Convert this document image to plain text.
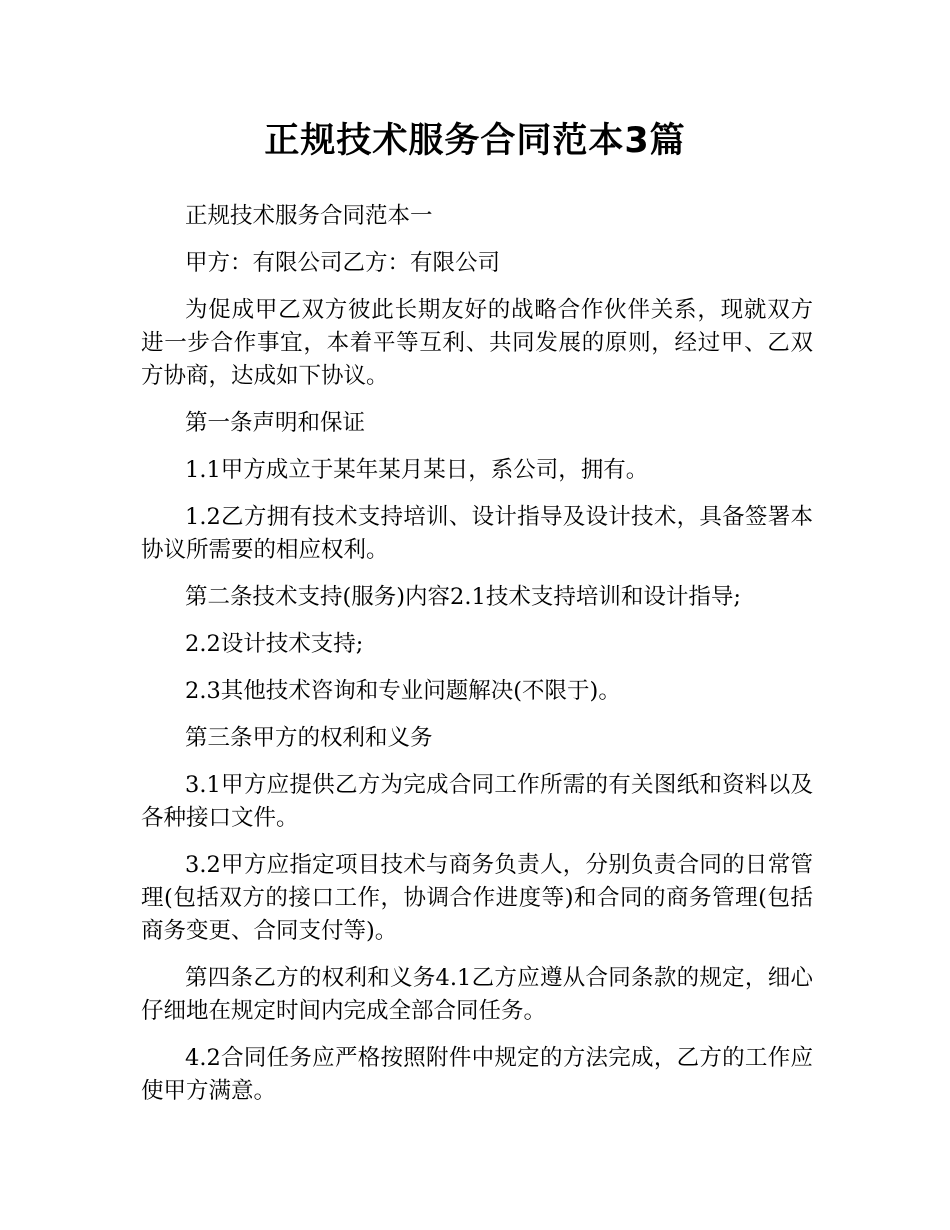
正规技术服务合同范本3篇

正规技术服务合同范本一

甲方：有限公司乙方：有限公司

为促成甲乙双方彼此长期友好的战略合作伙伴关系，现就双方进一步合作事宜，本着平等互利、共同发展的原则，经过甲、乙双方协商，达成如下协议。

第一条声明和保证

1.1甲方成立于某年某月某日，系公司，拥有。

1.2乙方拥有技术支持培训、设计指导及设计技术，具备签署本协议所需要的相应权利。

第二条技术支持(服务)内容2.1技术支持培训和设计指导;

2.2设计技术支持;

2.3其他技术咨询和专业问题解决(不限于)。

第三条甲方的权利和义务

3.1甲方应提供乙方为完成合同工作所需的有关图纸和资料以及各种接口文件。

3.2甲方应指定项目技术与商务负责人，分别负责合同的日常管理(包括双方的接口工作，协调合作进度等)和合同的商务管理(包括商务变更、合同支付等)。

第四条乙方的权利和义务4.1乙方应遵从合同条款的规定，细心仔细地在规定时间内完成全部合同任务。

4.2合同任务应严格按照附件中规定的方法完成，乙方的工作应使甲方满意。
